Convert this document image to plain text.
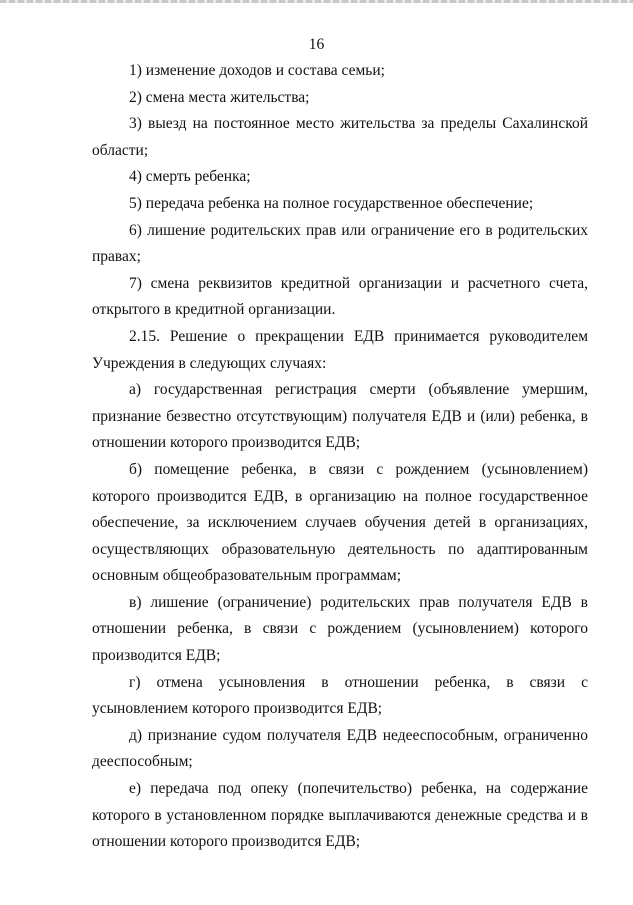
16

1) изменение доходов и состава семьи;

2) смена места жительства;

3) выезд на постоянное место жительства за пределы Сахалинской области;

4) смерть ребенка;

5) передача ребенка на полное государственное обеспечение;

6) лишение родительских прав или ограничение его в родительских правах;

7) смена реквизитов кредитной организации и расчетного счета, открытого в кредитной организации.

2.15. Решение о прекращении ЕДВ принимается руководителем Учреждения в следующих случаях:

а) государственная регистрация смерти (объявление умершим, признание безвестно отсутствующим) получателя ЕДВ и (или) ребенка, в отношении которого производится ЕДВ;

б) помещение ребенка, в связи с рождением (усыновлением) которого производится ЕДВ, в организацию на полное государственное обеспечение, за исключением случаев обучения детей в организациях, осуществляющих образовательную деятельность по адаптированным основным общеобразовательным программам;

в) лишение (ограничение) родительских прав получателя ЕДВ в отношении ребенка, в связи с рождением (усыновлением) которого производится ЕДВ;

г) отмена усыновления в отношении ребенка, в связи с усыновлением которого производится ЕДВ;

д) признание судом получателя ЕДВ недееспособным, ограниченно дееспособным;

е) передача под опеку (попечительство) ребенка, на содержание которого в установленном порядке выплачиваются денежные средства и в отношении которого производится ЕДВ;
